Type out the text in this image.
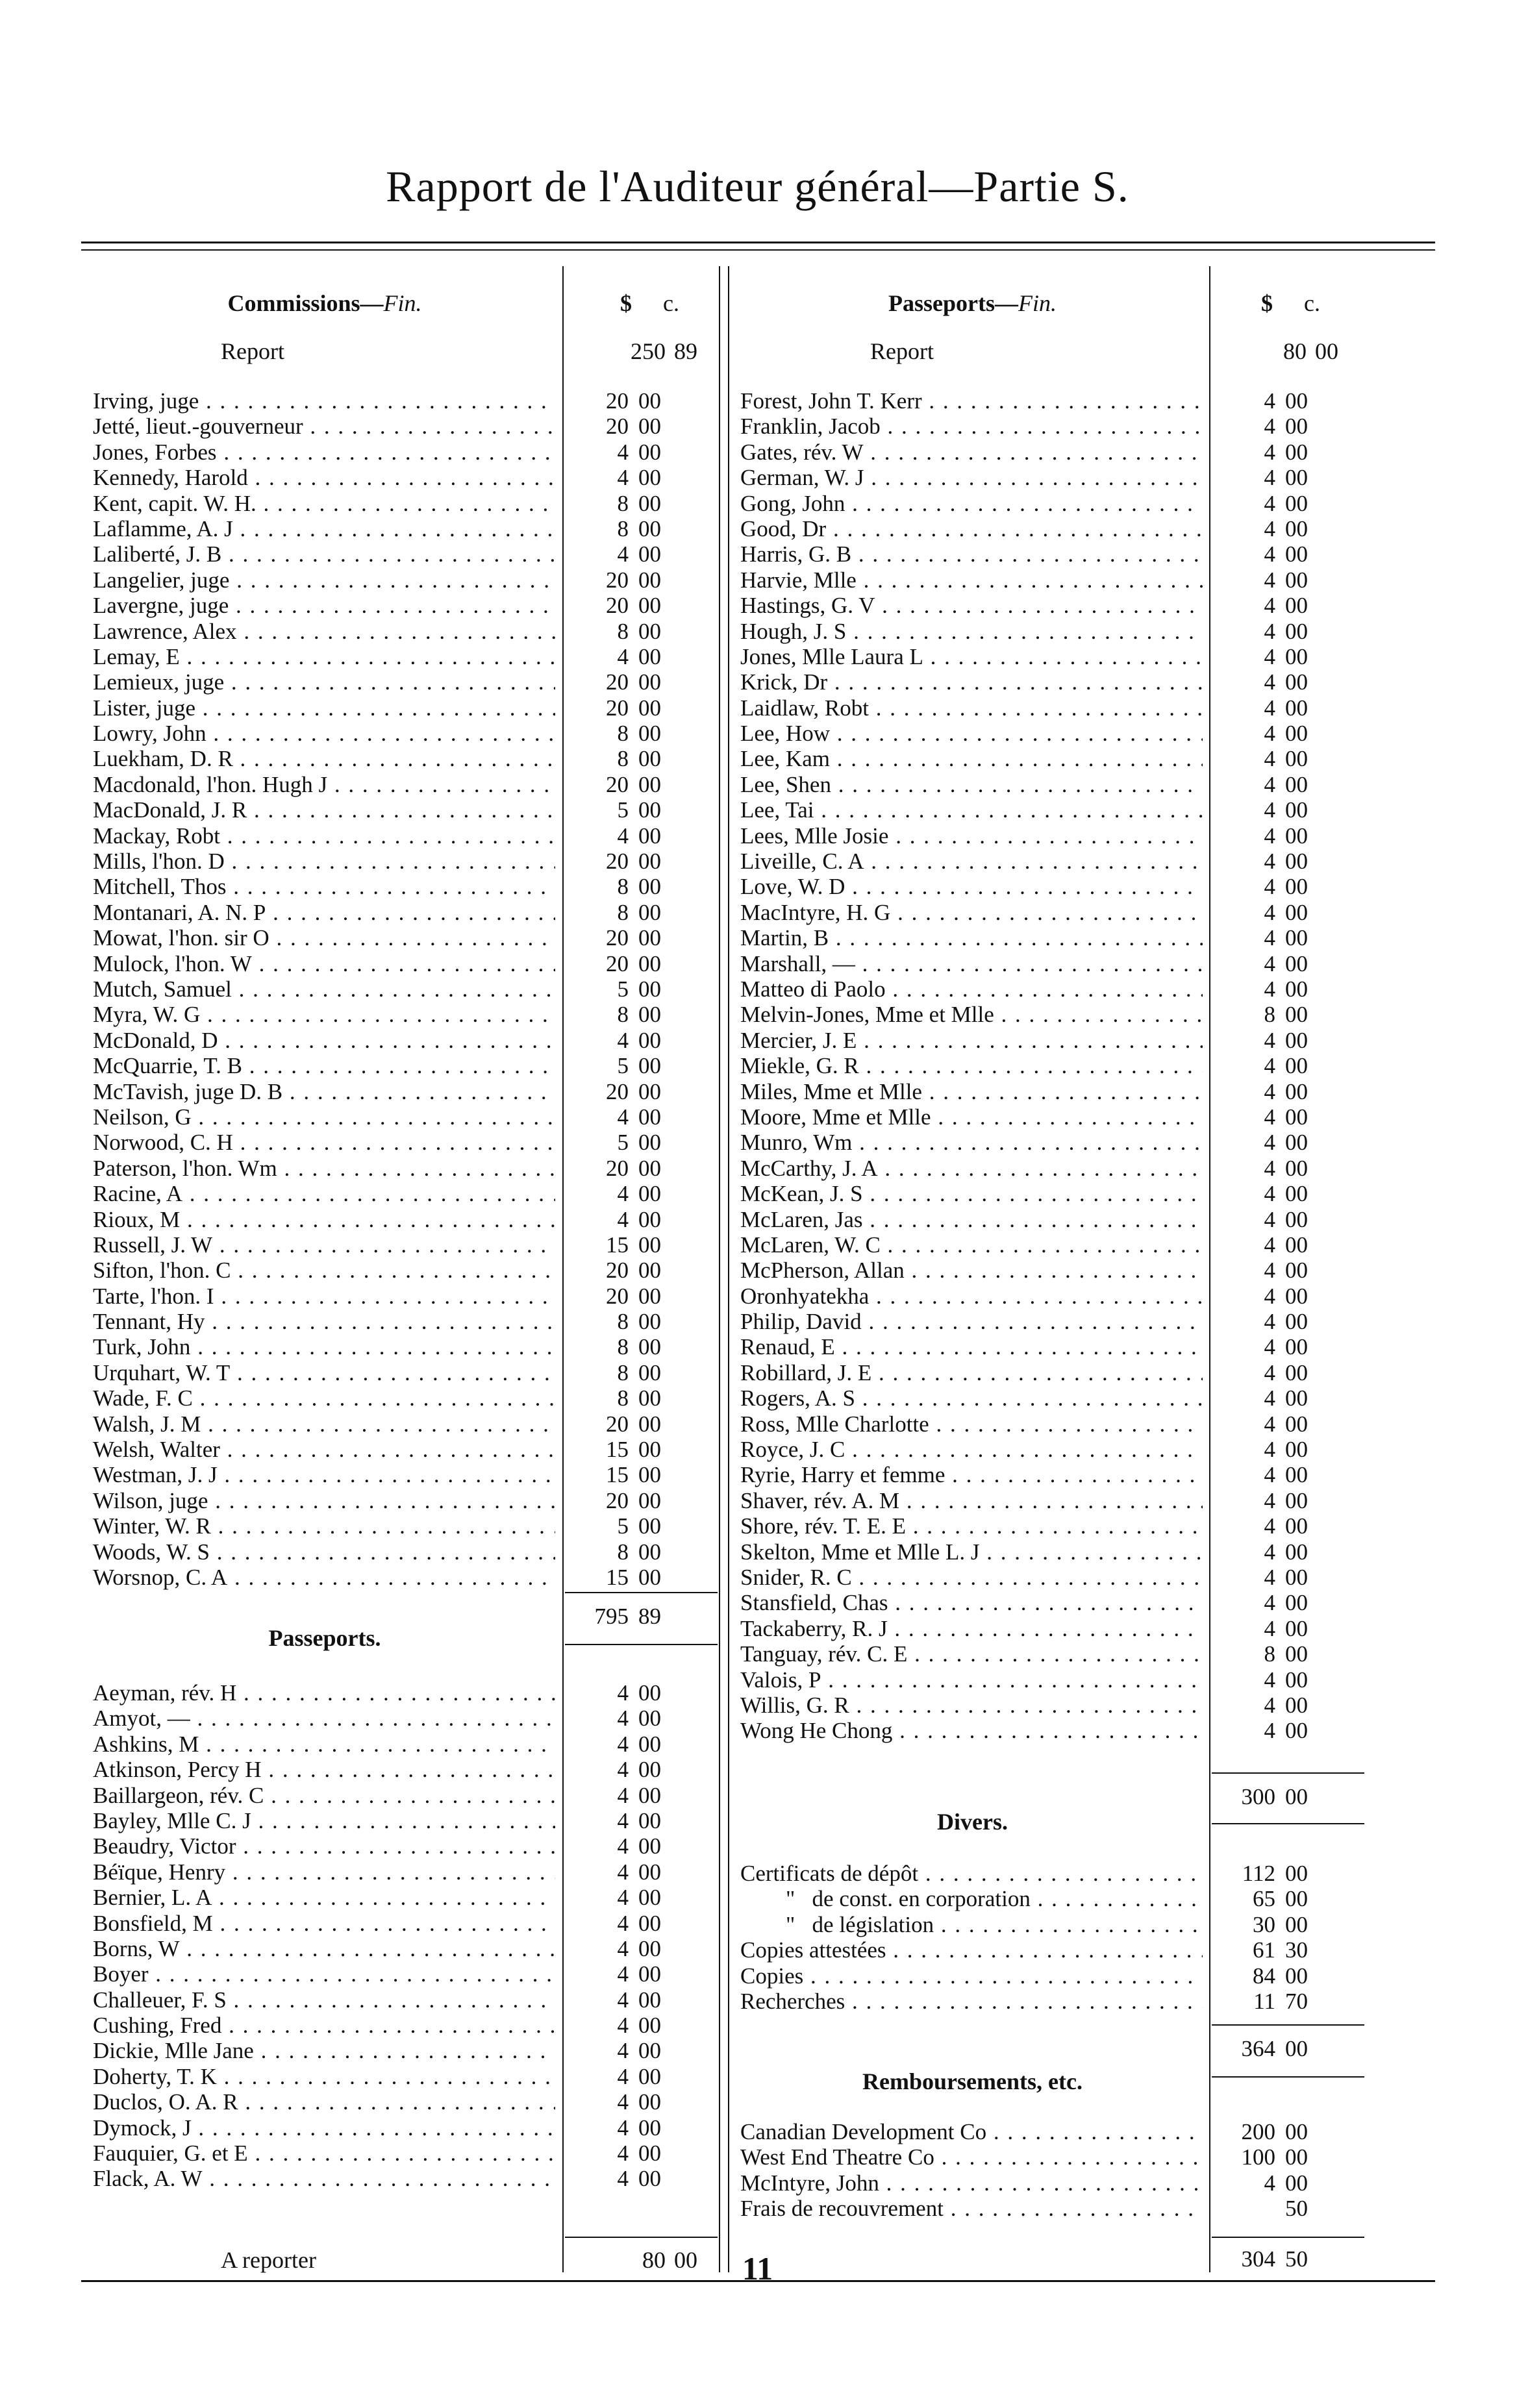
Rapport de l'Auditeur général—Partie S.
Commissions—Fin.	$ c.
Report	250 89
Irving, juge . . .	20 00
Jetté, lieut.-gouverneur . . .	20 00
Jones, Forbes . . .	4 00
Kennedy, Harold . . .	4 00
Kent, capit. W. H. . . .	8 00
Laflamme, A. J . . .	8 00
Laliberté, J. B . . .	4 00
Langelier, juge . . .	20 00
Lavergne, juge . . .	20 00
Lawrence, Alex . . .	8 00
Lemay, E . . .	4 00
Lemieux, juge . . .	20 00
Lister, juge . . .	20 00
Lowry, John . . .	8 00
Luekham, D. R . . .	8 00
Macdonald, l'hon. Hugh J . . .	20 00
MacDonald, J. R . . .	5 00
Mackay, Robt . . .	4 00
Mills, l'hon. D . . .	20 00
Mitchell, Thos . . .	8 00
Montanari, A. N. P . . .	8 00
Mowat, l'hon. sir O . . .	20 00
Mulock, l'hon. W . . .	20 00
Mutch, Samuel . . .	5 00
Myra, W. G . . .	8 00
McDonald, D . . .	4 00
McQuarrie, T. B . . .	5 00
McTavish, juge D. B . . .	20 00
Neilson, G . . .	4 00
Norwood, C. H . . .	5 00
Paterson, l'hon. Wm . . .	20 00
Racine, A . . .	4 00
Rioux, M . . .	4 00
Russell, J. W . . .	15 00
Sifton, l'hon. C . . .	20 00
Tarte, l'hon. I . . .	20 00
Tennant, Hy . . .	8 00
Turk, John . . .	8 00
Urquhart, W. T . . .	8 00
Wade, F. C . . .	8 00
Walsh, J. M . . .	20 00
Welsh, Walter . . .	15 00
Westman, J. J . . .	15 00
Wilson, juge . . .	20 00
Winter, W. R . . .	5 00
Woods, W. S . . .	8 00
Worsnop, C. A . . .	15 00
795 89
Passeports.
Aeyman, rév. H . . .	4 00
Amyot, — . . .	4 00
Ashkins, M . . .	4 00
Atkinson, Percy H . . .	4 00
Baillargeon, rév. C . . .	4 00
Bayley, Mlle C. J . . .	4 00
Beaudry, Victor . . .	4 00
Béïque, Henry . . .	4 00
Bernier, L. A . . .	4 00
Bonsfield, M . . .	4 00
Borns, W . . .	4 00
Boyer . . .	4 00
Challeuer, F. S . . .	4 00
Cushing, Fred . . .	4 00
Dickie, Mlle Jane . . .	4 00
Doherty, T. K . . .	4 00
Duclos, O. A. R . . .	4 00
Dymock, J . . .	4 00
Fauquier, G. et E . . .	4 00
Flack, A. W . . .	4 00
A reporter	80 00
Passeports—Fin.	$ c.
Report	80 00
Forest, John T. Kerr . . .	4 00
Franklin, Jacob . . .	4 00
Gates, rév. W . . .	4 00
German, W. J . . .	4 00
Gong, John . . .	4 00
Good, Dr . . .	4 00
Harris, G. B . . .	4 00
Harvie, Mlle . . .	4 00
Hastings, G. V . . .	4 00
Hough, J. S . . .	4 00
Jones, Mlle Laura L . . .	4 00
Krick, Dr . . .	4 00
Laidlaw, Robt . . .	4 00
Lee, How . . .	4 00
Lee, Kam . . .	4 00
Lee, Shen . . .	4 00
Lee, Tai . . .	4 00
Lees, Mlle Josie . . .	4 00
Liveille, C. A . . .	4 00
Love, W. D . . .	4 00
MacIntyre, H. G . . .	4 00
Martin, B . . .	4 00
Marshall, — . . .	4 00
Matteo di Paolo . . .	4 00
Melvin-Jones, Mme et Mlle . . .	8 00
Mercier, J. E . . .	4 00
Miekle, G. R . . .	4 00
Miles, Mme et Mlle . . .	4 00
Moore, Mme et Mlle . . .	4 00
Munro, Wm . . .	4 00
McCarthy, J. A . . .	4 00
McKean, J. S . . .	4 00
McLaren, Jas . . .	4 00
McLaren, W. C . . .	4 00
McPherson, Allan . . .	4 00
Oronhyatekha . . .	4 00
Philip, David . . .	4 00
Renaud, E . . .	4 00
Robillard, J. E . . .	4 00
Rogers, A. S . . .	4 00
Ross, Mlle Charlotte . . .	4 00
Royce, J. C . . .	4 00
Ryrie, Harry et femme . . .	4 00
Shaver, rév. A. M . . .	4 00
Shore, rév. T. E. E . . .	4 00
Skelton, Mme et Mlle L. J . . .	4 00
Snider, R. C . . .	4 00
Stansfield, Chas . . .	4 00
Tackaberry, R. J . . .	4 00
Tanguay, rév. C. E . . .	8 00
Valois, P . . .	4 00
Willis, G. R . . .	4 00
Wong He Chong . . .	4 00
300 00
Divers.
Certificats de dépôt . . .	112 00
"   de const. en corporation . . .	65 00
"   de législation . . .	30 00
Copies attestées . . .	61 30
Copies . . .	84 00
Recherches . . .	11 70
364 00
Remboursements, etc.
Canadian Development Co . . .	200 00
West End Theatre Co . . .	100 00
McIntyre, John . . .	4 00
Frais de recouvrement . . .	50
304 50
11
